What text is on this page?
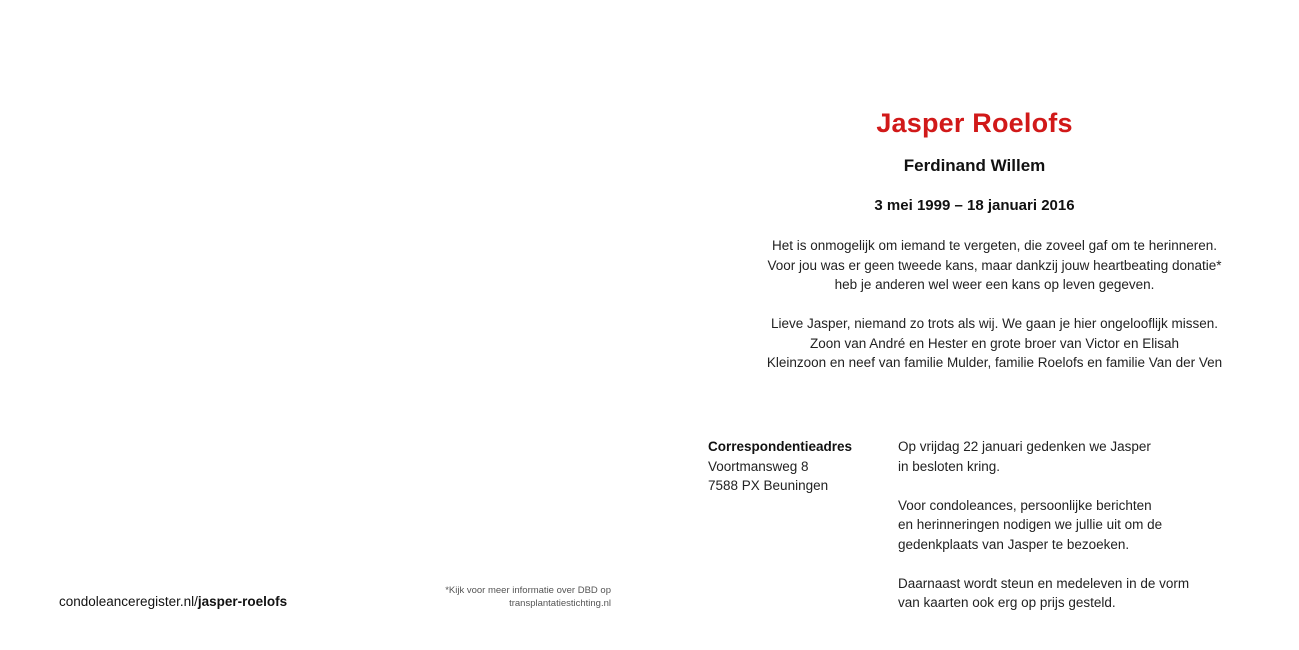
condoleanceregister.nl/jasper-roelofs
*Kijk voor meer informatie over DBD op
transplantatiestichting.nl
Jasper Roelofs
Ferdinand Willem
3 mei 1999 – 18 januari 2016
Het is onmogelijk om iemand te vergeten, die zoveel gaf om te herinneren.
Voor jou was er geen tweede kans, maar dankzij jouw heartbeating donatie*
heb je anderen wel weer een kans op leven gegeven.
Lieve Jasper, niemand zo trots als wij. We gaan je hier ongelooflijk missen.
Zoon van André en Hester en grote broer van Victor en Elisah
Kleinzoon en neef van familie Mulder, familie Roelofs en familie Van der Ven
Correspondentieadres
Voortmansweg 8
7588 PX Beuningen
Op vrijdag 22 januari gedenken we Jasper
in besloten kring.
Voor condoleances, persoonlijke berichten
en herinneringen nodigen we jullie uit om de
gedenkplaats van Jasper te bezoeken.
Daarnaast wordt steun en medeleven in de vorm
van kaarten ook erg op prijs gesteld.
